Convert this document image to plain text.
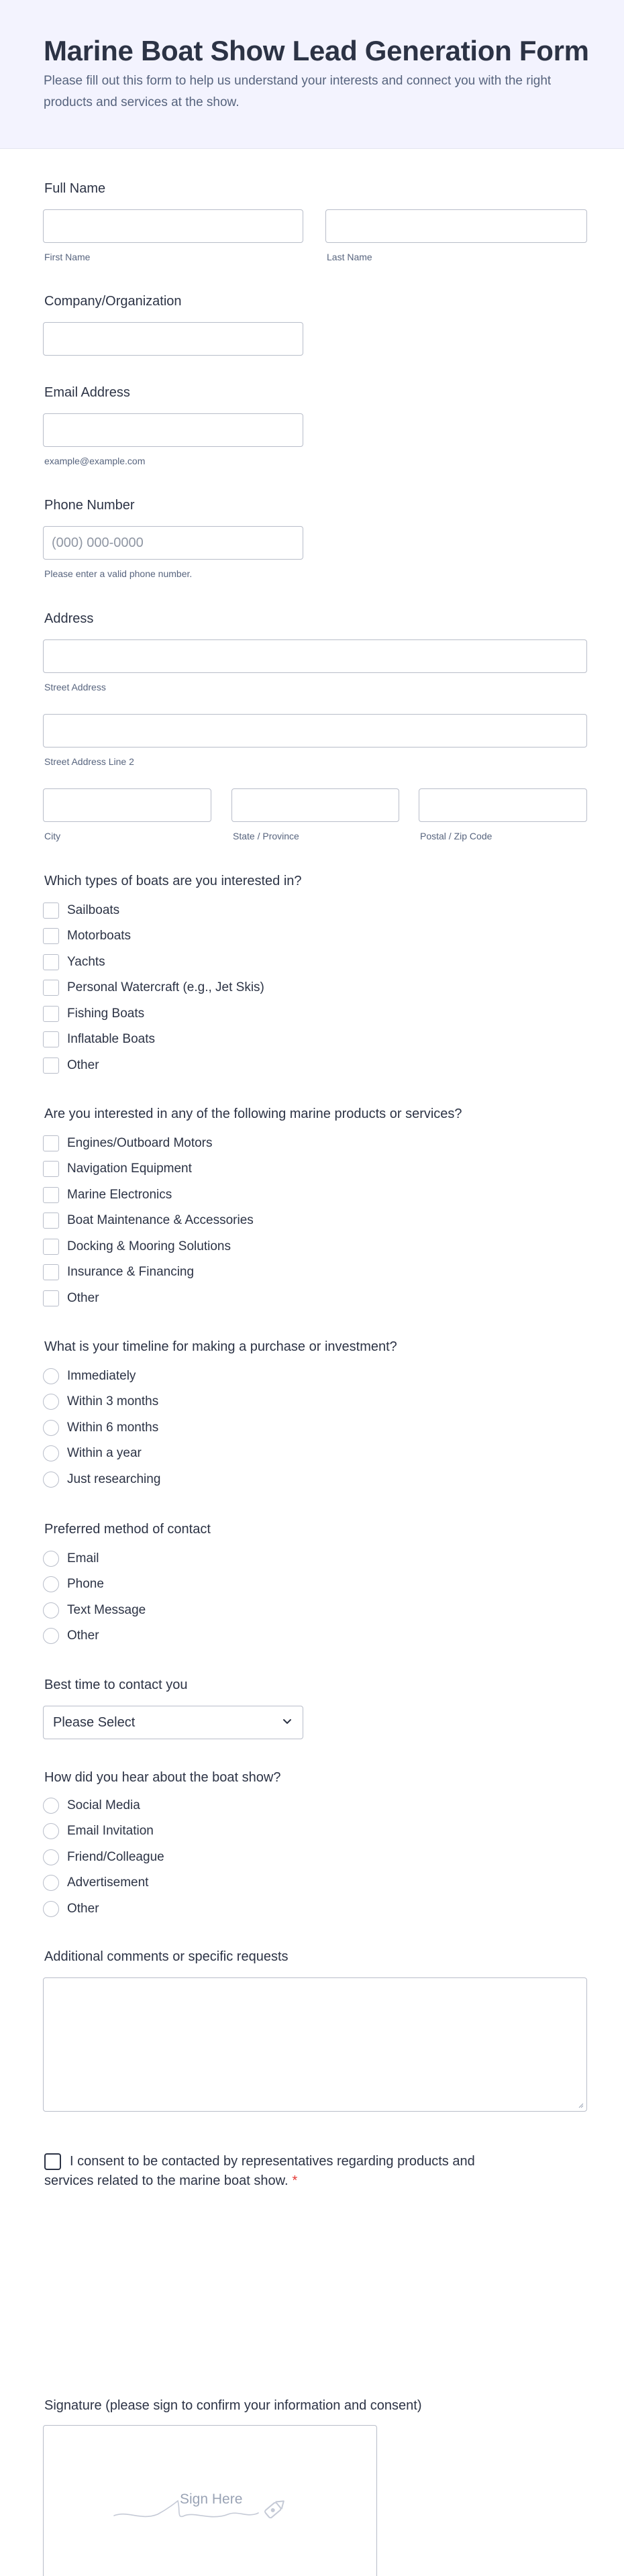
Marine Boat Show Lead Generation Form
Please fill out this form to help us understand your interests and connect you with the right products and services at the show.
Full Name
First Name	Last Name
Company/Organization
Email Address
example@example.com
Phone Number
(000) 000-0000
Please enter a valid phone number.
Address
Street Address
Street Address Line 2
City	State / Province	Postal / Zip Code
Which types of boats are you interested in?
Sailboats
Motorboats
Yachts
Personal Watercraft (e.g., Jet Skis)
Fishing Boats
Inflatable Boats
Other
Are you interested in any of the following marine products or services?
Engines/Outboard Motors
Navigation Equipment
Marine Electronics
Boat Maintenance & Accessories
Docking & Mooring Solutions
Insurance & Financing
Other
What is your timeline for making a purchase or investment?
Immediately
Within 3 months
Within 6 months
Within a year
Just researching
Preferred method of contact
Email
Phone
Text Message
Other
Best time to contact you
Please Select
How did you hear about the boat show?
Social Media
Email Invitation
Friend/Colleague
Advertisement
Other
Additional comments or specific requests
I consent to be contacted by representatives regarding products and services related to the marine boat show. *
Signature (please sign to confirm your information and consent)
Sign Here
